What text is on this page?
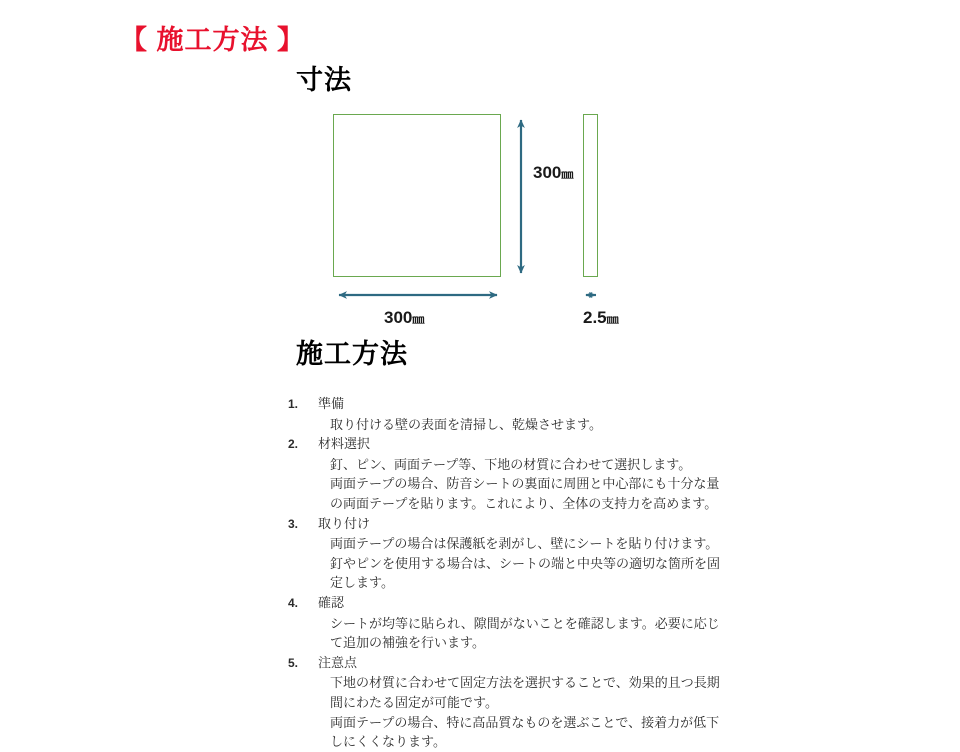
【 施工方法 】
寸法
300㎜
300㎜	2.5㎜
施工方法
1.	準備
取り付ける壁の表面を清掃し、乾燥させます。
2.	材料選択
釘、ピン、両面テープ等、下地の材質に合わせて選択します。
両面テープの場合、防音シートの裏面に周囲と中心部にも十分な量
の両面テープを貼ります。これにより、全体の支持力を高めます。
3.	取り付け
両面テープの場合は保護紙を剥がし、壁にシートを貼り付けます。
釘やピンを使用する場合は、シートの端と中央等の適切な箇所を固
定します。
4.	確認
シートが均等に貼られ、隙間がないことを確認します。必要に応じ
て追加の補強を行います。
5.	注意点
下地の材質に合わせて固定方法を選択することで、効果的且つ長期
間にわたる固定が可能です。
両面テープの場合、特に高品質なものを選ぶことで、接着力が低下
しにくくなります。
